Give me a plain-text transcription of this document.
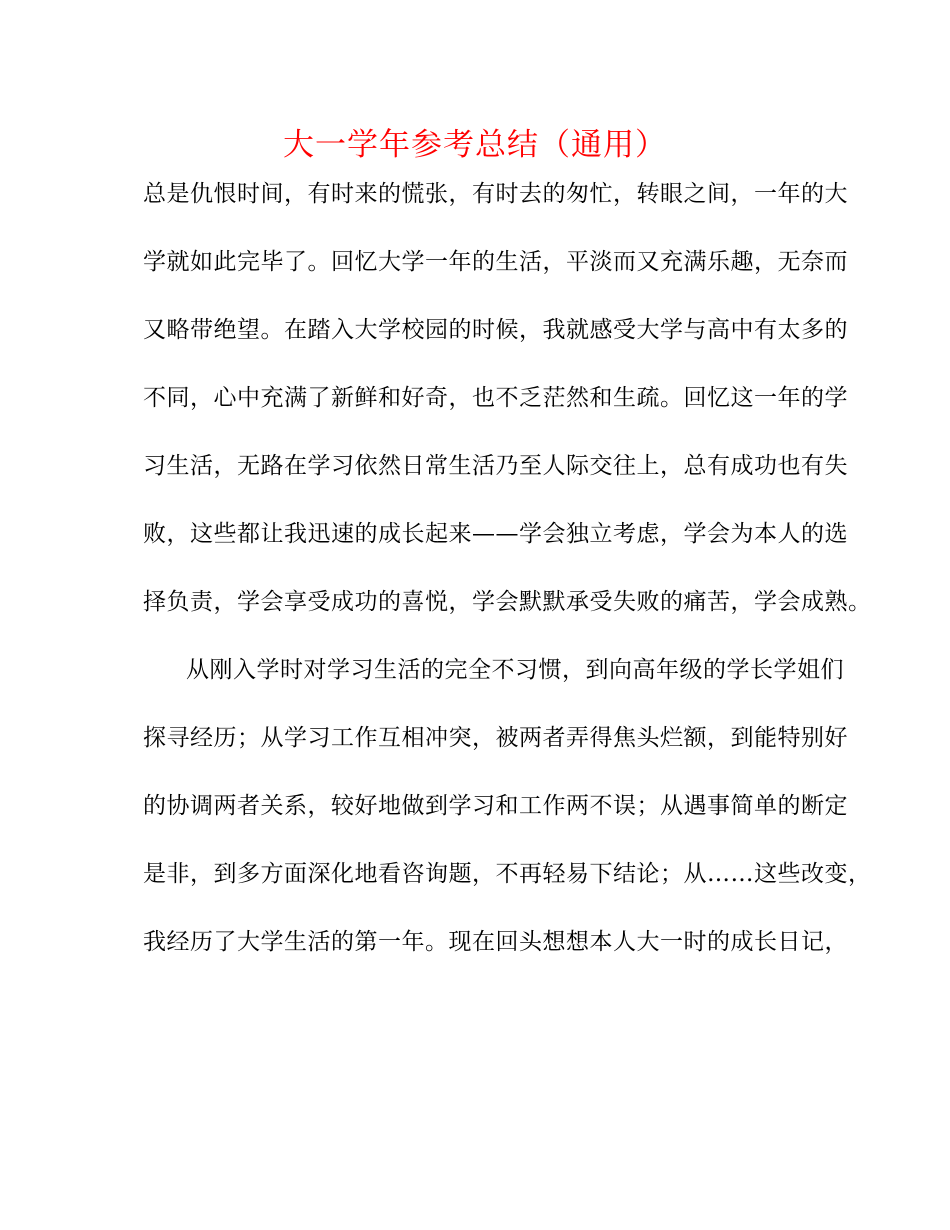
大一学年参考总结（通用）
总是仇恨时间，有时来的慌张，有时去的匆忙，转眼之间，一年的大
学就如此完毕了。回忆大学一年的生活，平淡而又充满乐趣，无奈而
又略带绝望。在踏入大学校园的时候，我就感受大学与高中有太多的
不同，心中充满了新鲜和好奇，也不乏茫然和生疏。回忆这一年的学
习生活，无路在学习依然日常生活乃至人际交往上，总有成功也有失
败，这些都让我迅速的成长起来——学会独立考虑，学会为本人的选
择负责，学会享受成功的喜悦，学会默默承受失败的痛苦，学会成熟。
从刚入学时对学习生活的完全不习惯，到向高年级的学长学姐们
探寻经历；从学习工作互相冲突，被两者弄得焦头烂额，到能特别好
的协调两者关系，较好地做到学习和工作两不误；从遇事简单的断定
是非，到多方面深化地看咨询题，不再轻易下结论；从……这些改变，
我经历了大学生活的第一年。现在回头想想本人大一时的成长日记，
